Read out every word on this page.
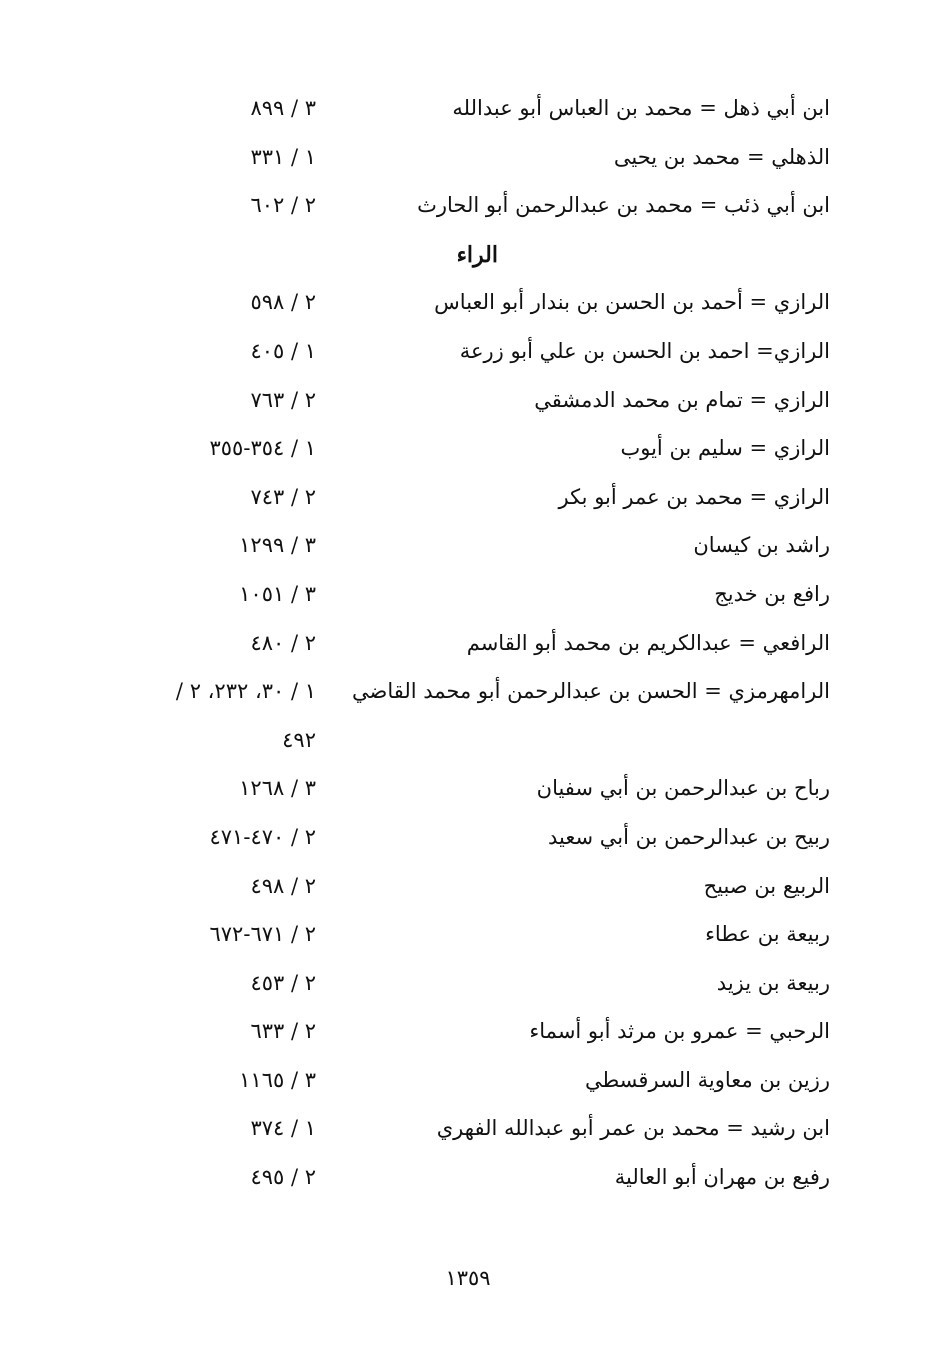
ابن أبي ذهل = محمد بن العباس أبو عبدالله
٣ / ٨٩٩
الذهلي = محمد بن يحيى
١ / ٣٣١
ابن أبي ذئب = محمد بن عبدالرحمن أبو الحارث
٢ / ٦٠٢
الراء
الرازي = أحمد بن الحسن بن بندار أبو العباس
٢ / ٥٩٨
الرازي= احمد بن الحسن بن علي أبو زرعة
١ / ٤٠٥
الرازي = تمام بن محمد الدمشقي
٢ / ٧٦٣
الرازي = سليم بن أيوب
١ / ٣٥٤-٣٥٥
الرازي = محمد بن عمر أبو بكر
٢ / ٧٤٣
راشد بن كيسان
٣ / ١٢٩٩
رافع بن خديج
٣ / ١٠٥١
الرافعي = عبدالكريم بن محمد أبو القاسم
٢ / ٤٨٠
الرامهرمزي = الحسن بن عبدالرحمن أبو محمد القاضي
١ / ٣٠، ٢٣٢، ٢ /
٤٩٢
رباح بن عبدالرحمن بن أبي سفيان
٣ / ١٢٦٨
ربيح بن عبدالرحمن بن أبي سعيد
٢ / ٤٧٠-٤٧١
الربيع بن صبيح
٢ / ٤٩٨
ربيعة بن عطاء
٢ / ٦٧١-٦٧٢
ربيعة بن يزيد
٢ / ٤٥٣
الرحبي = عمرو بن مرثد أبو أسماء
٢ / ٦٣٣
رزين بن معاوية السرقسطي
٣ / ١١٦٥
ابن رشيد = محمد بن عمر أبو عبدالله الفهري
١ / ٣٧٤
رفيع بن مهران أبو العالية
٢ / ٤٩٥
١٣٥٩
